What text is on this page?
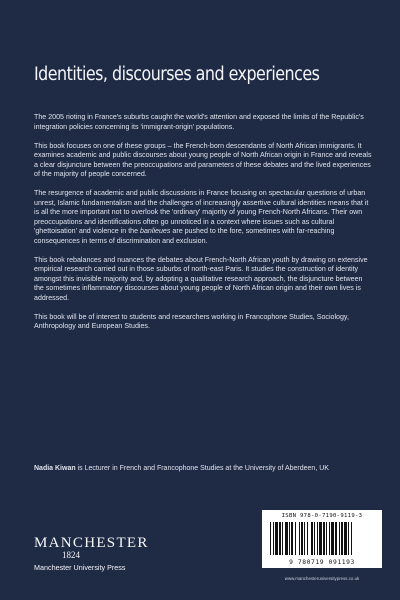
Identities, discourses and experiences

The 2005 rioting in France's suburbs caught the world's attention and exposed the limits of the Republic's integration policies concerning its 'immigrant-origin' populations.

This book focuses on one of these groups – the French-born descendants of North African immigrants. It examines academic and public discourses about young people of North African origin in France and reveals a clear disjuncture between the preoccupations and parameters of these debates and the lived experiences of the majority of people concerned.

The resurgence of academic and public discussions in France focusing on spectacular questions of urban unrest, Islamic fundamentalism and the challenges of increasingly assertive cultural identities means that it is all the more important not to overlook the 'ordinary' majority of young French-North Africans. Their own preoccupations and identifications often go unnoticed in a context where issues such as cultural 'ghettoisation' and violence in the banlieues are pushed to the fore, sometimes with far-reaching consequences in terms of discrimination and exclusion.

This book rebalances and nuances the debates about French-North African youth by drawing on extensive empirical research carried out in those suburbs of north-east Paris. It studies the construction of identity amongst this invisible majority and, by adopting a qualitative research approach, the disjuncture between the sometimes inflammatory discourses about young people of North African origin and their own lives is addressed.

This book will be of interest to students and researchers working in Francophone Studies, Sociology, Anthropology and European Studies.

Nadia Kiwan is Lecturer in French and Francophone Studies at the University of Aberdeen, UK
MANCHESTER
1824
Manchester University Press
ISBN 978-0-7190-9119-3
9 780719 091193
www.manchesteruniversitypress.co.uk
